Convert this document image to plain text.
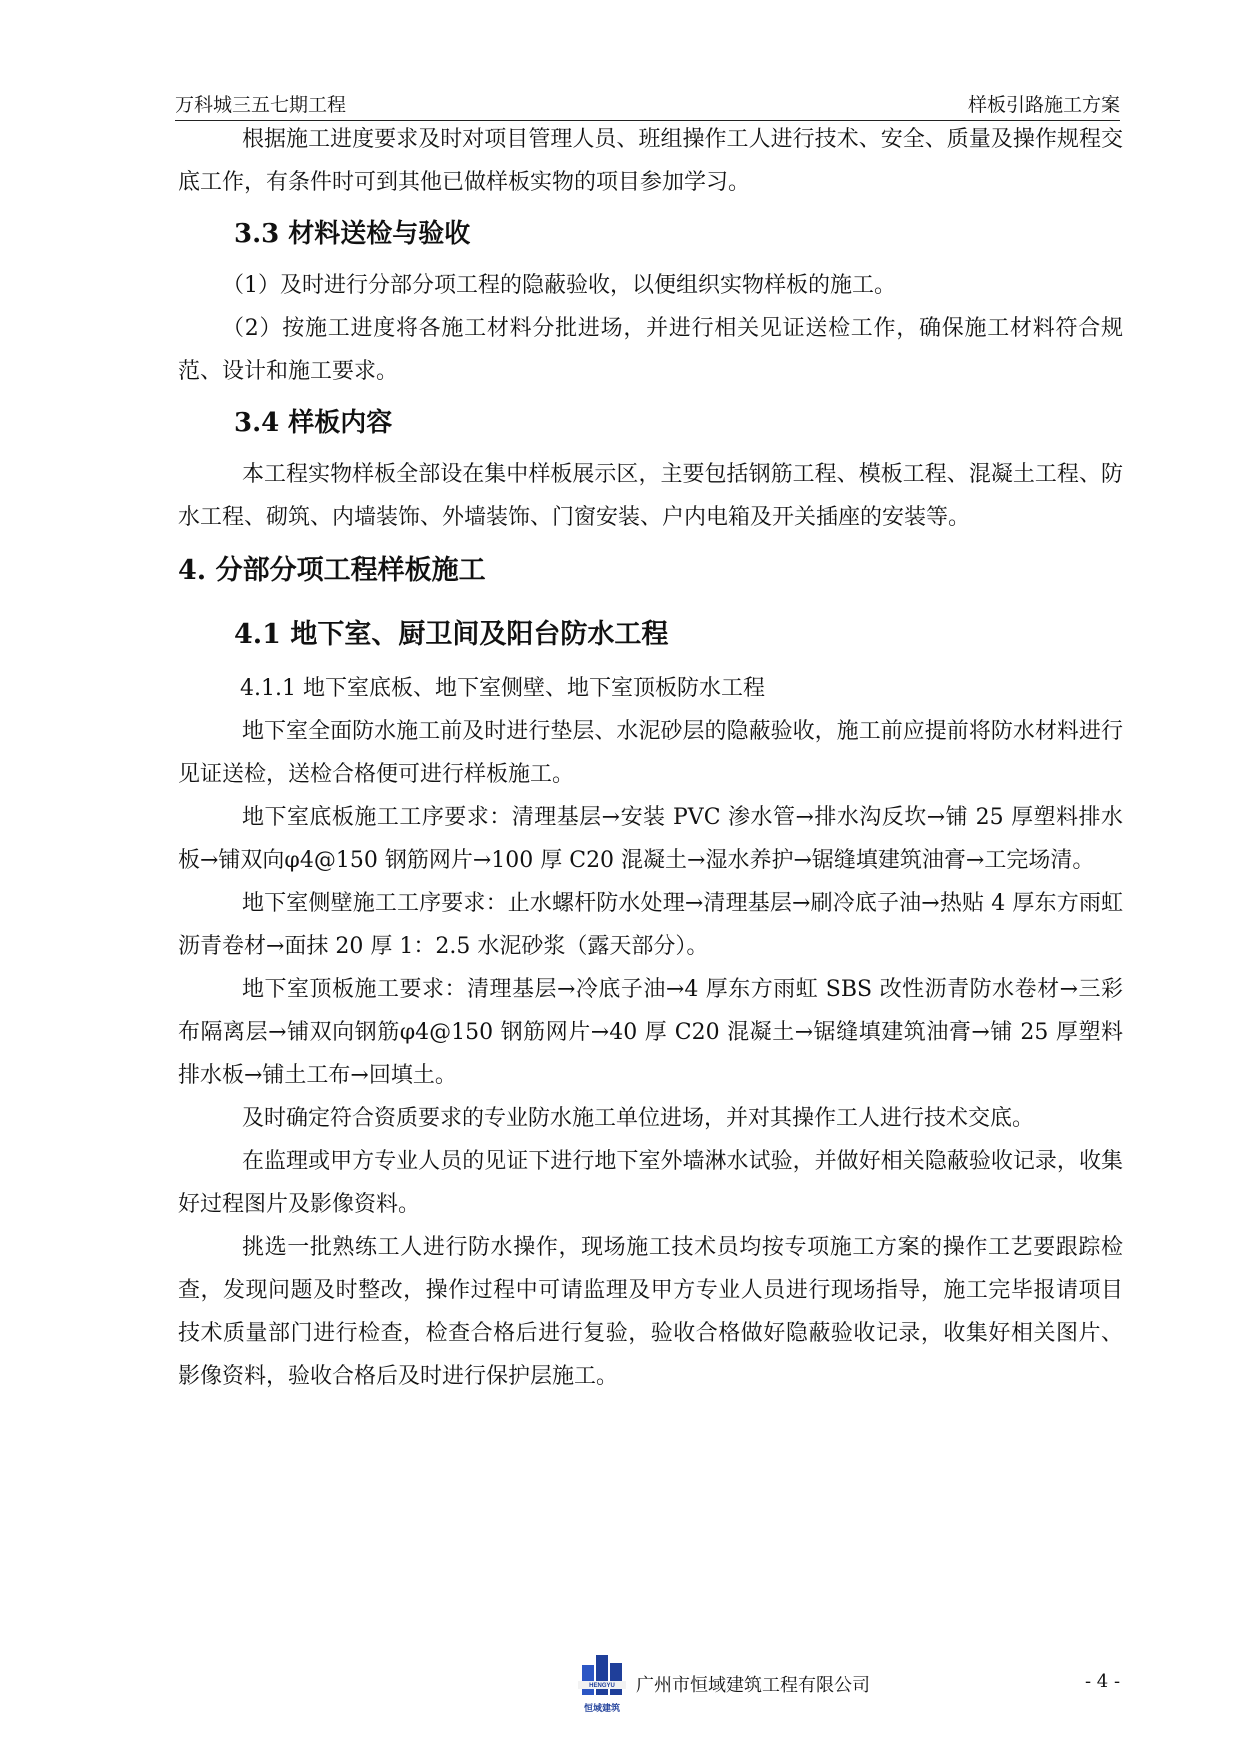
万科城三五七期工程	样板引路施工方案

根据施工进度要求及时对项目管理人员、班组操作工人进行技术、安全、质量及操作规程交底工作，有条件时可到其他已做样板实物的项目参加学习。

3.3 材料送检与验收

（1）及时进行分部分项工程的隐蔽验收，以便组织实物样板的施工。

（2）按施工进度将各施工材料分批进场，并进行相关见证送检工作，确保施工材料符合规范、设计和施工要求。

3.4 样板内容

本工程实物样板全部设在集中样板展示区，主要包括钢筋工程、模板工程、混凝土工程、防水工程、砌筑、内墙装饰、外墙装饰、门窗安装、户内电箱及开关插座的安装等。

4. 分部分项工程样板施工
4.1 地下室、厨卫间及阳台防水工程

4.1.1 地下室底板、地下室侧壁、地下室顶板防水工程

地下室全面防水施工前及时进行垫层、水泥砂层的隐蔽验收，施工前应提前将防水材料进行见证送检，送检合格便可进行样板施工。

地下室底板施工工序要求：清理基层→安装 PVC 渗水管→排水沟反坎→铺 25 厚塑料排水板→铺双向φ4@150 钢筋网片→100 厚 C20 混凝土→湿水养护→锯缝填建筑油膏→工完场清。

地下室侧壁施工工序要求：止水螺杆防水处理→清理基层→刷冷底子油→热贴 4 厚东方雨虹沥青卷材→面抹 20 厚 1：2.5 水泥砂浆（露天部分）。

地下室顶板施工要求：清理基层→冷底子油→4 厚东方雨虹 SBS 改性沥青防水卷材→三彩布隔离层→铺双向钢筋φ4@150 钢筋网片→40 厚 C20 混凝土→锯缝填建筑油膏→铺 25 厚塑料排水板→铺土工布→回填土。

及时确定符合资质要求的专业防水施工单位进场，并对其操作工人进行技术交底。

在监理或甲方专业人员的见证下进行地下室外墙淋水试验，并做好相关隐蔽验收记录，收集好过程图片及影像资料。

挑选一批熟练工人进行防水操作，现场施工技术员均按专项施工方案的操作工艺要跟踪检查，发现问题及时整改，操作过程中可请监理及甲方专业人员进行现场指导，施工完毕报请项目技术质量部门进行检查，检查合格后进行复验，验收合格做好隐蔽验收记录，收集好相关图片、影像资料，验收合格后及时进行保护层施工。

HENGYU
恒域建筑
广州市恒域建筑工程有限公司	- 4 -
